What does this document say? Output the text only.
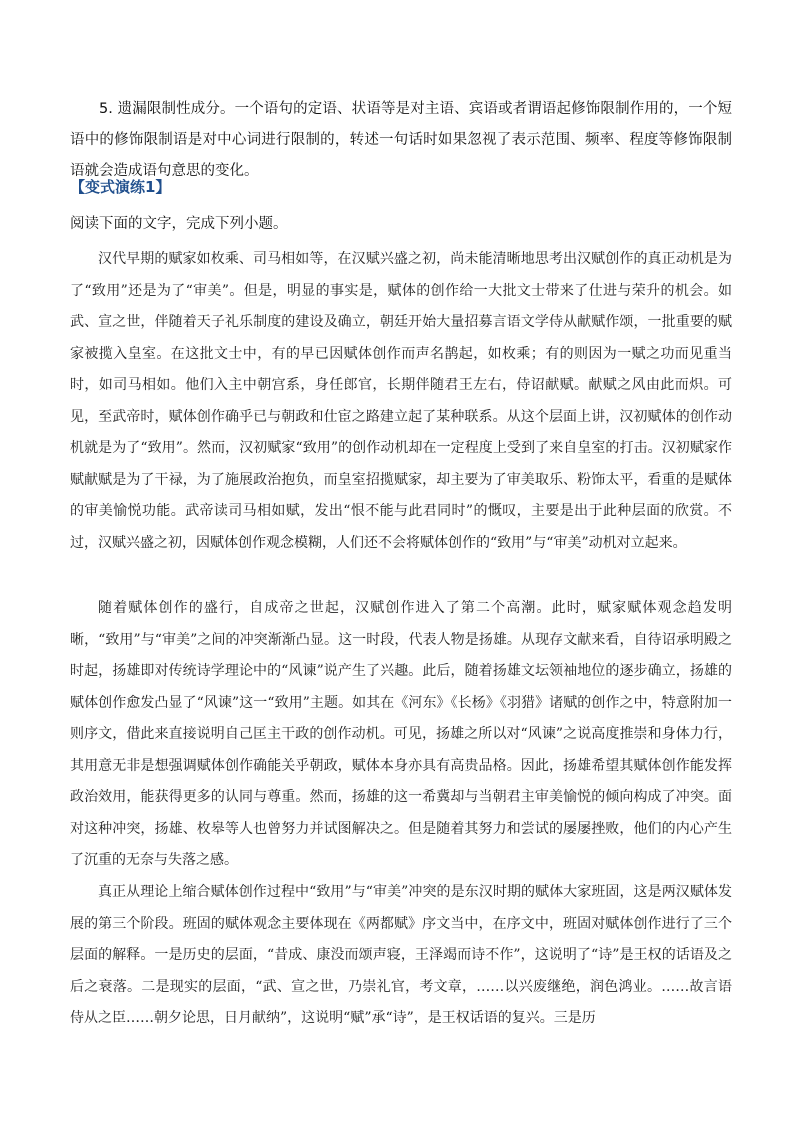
5. 遗漏限制性成分。一个语句的定语、状语等是对主语、宾语或者谓语起修饰限制作用的，一个短语中的修饰限制语是对中心词进行限制的，转述一句话时如果忽视了表示范围、频率、程度等修饰限制语就会造成语句意思的变化。

【变式演练1】

阅读下面的文字，完成下列小题。

汉代早期的赋家如枚乘、司马相如等，在汉赋兴盛之初，尚未能清晰地思考出汉赋创作的真正动机是为了“致用”还是为了“审美”。但是，明显的事实是，赋体的创作给一大批文士带来了仕进与荣升的机会。如武、宣之世，伴随着天子礼乐制度的建设及确立，朝廷开始大量招募言语文学侍从献赋作颂，一批重要的赋家被揽入皇室。在这批文士中，有的早已因赋体创作而声名鹊起，如枚乘；有的则因为一赋之功而见重当时，如司马相如。他们入主中朝宫系，身任郎官，长期伴随君王左右，侍诏献赋。献赋之风由此而炽。可见，至武帝时，赋体创作确乎已与朝政和仕宦之路建立起了某种联系。从这个层面上讲，汉初赋体的创作动机就是为了“致用”。然而，汉初赋家“致用”的创作动机却在一定程度上受到了来自皇室的打击。汉初赋家作赋献赋是为了干禄，为了施展政治抱负，而皇室招揽赋家，却主要为了审美取乐、粉饰太平，看重的是赋体的审美愉悦功能。武帝读司马相如赋，发出“恨不能与此君同时”的慨叹，主要是出于此种层面的欣赏。不过，汉赋兴盛之初，因赋体创作观念模糊，人们还不会将赋体创作的“致用”与“审美”动机对立起来。

随着赋体创作的盛行，自成帝之世起，汉赋创作进入了第二个高潮。此时，赋家赋体观念趋发明晰，“致用”与“审美”之间的冲突渐渐凸显。这一时段，代表人物是扬雄。从现存文献来看，自待诏承明殿之时起，扬雄即对传统诗学理论中的“风谏”说产生了兴趣。此后，随着扬雄文坛领袖地位的逐步确立，扬雄的赋体创作愈发凸显了“风谏”这一“致用”主题。如其在《河东》《长杨》《羽猎》诸赋的创作之中，特意附加一则序文，借此来直接说明自己匡主干政的创作动机。可见，扬雄之所以对“风谏”之说高度推崇和身体力行，其用意无非是想强调赋体创作确能关乎朝政，赋体本身亦具有高贵品格。因此，扬雄希望其赋体创作能发挥政治效用，能获得更多的认同与尊重。然而，扬雄的这一希冀却与当朝君主审美愉悦的倾向构成了冲突。面对这种冲突，扬雄、枚皋等人也曾努力并试图解决之。但是随着其努力和尝试的屡屡挫败，他们的内心产生了沉重的无奈与失落之感。

真正从理论上缩合赋体创作过程中“致用”与“审美”冲突的是东汉时期的赋体大家班固，这是两汉赋体发展的第三个阶段。班固的赋体观念主要体现在《两都赋》序文当中，在序文中，班固对赋体创作进行了三个层面的解释。一是历史的层面，“昔成、康没而颂声寝，王泽竭而诗不作”，这说明了“诗”是王权的话语及之后之衰落。二是现实的层面，“武、宣之世，乃崇礼官，考文章，……以兴废继绝，润色鸿业。……故言语侍从之臣……朝夕论思，日月献纳”，这说明“赋”承“诗”，是王权话语的复兴。三是历
